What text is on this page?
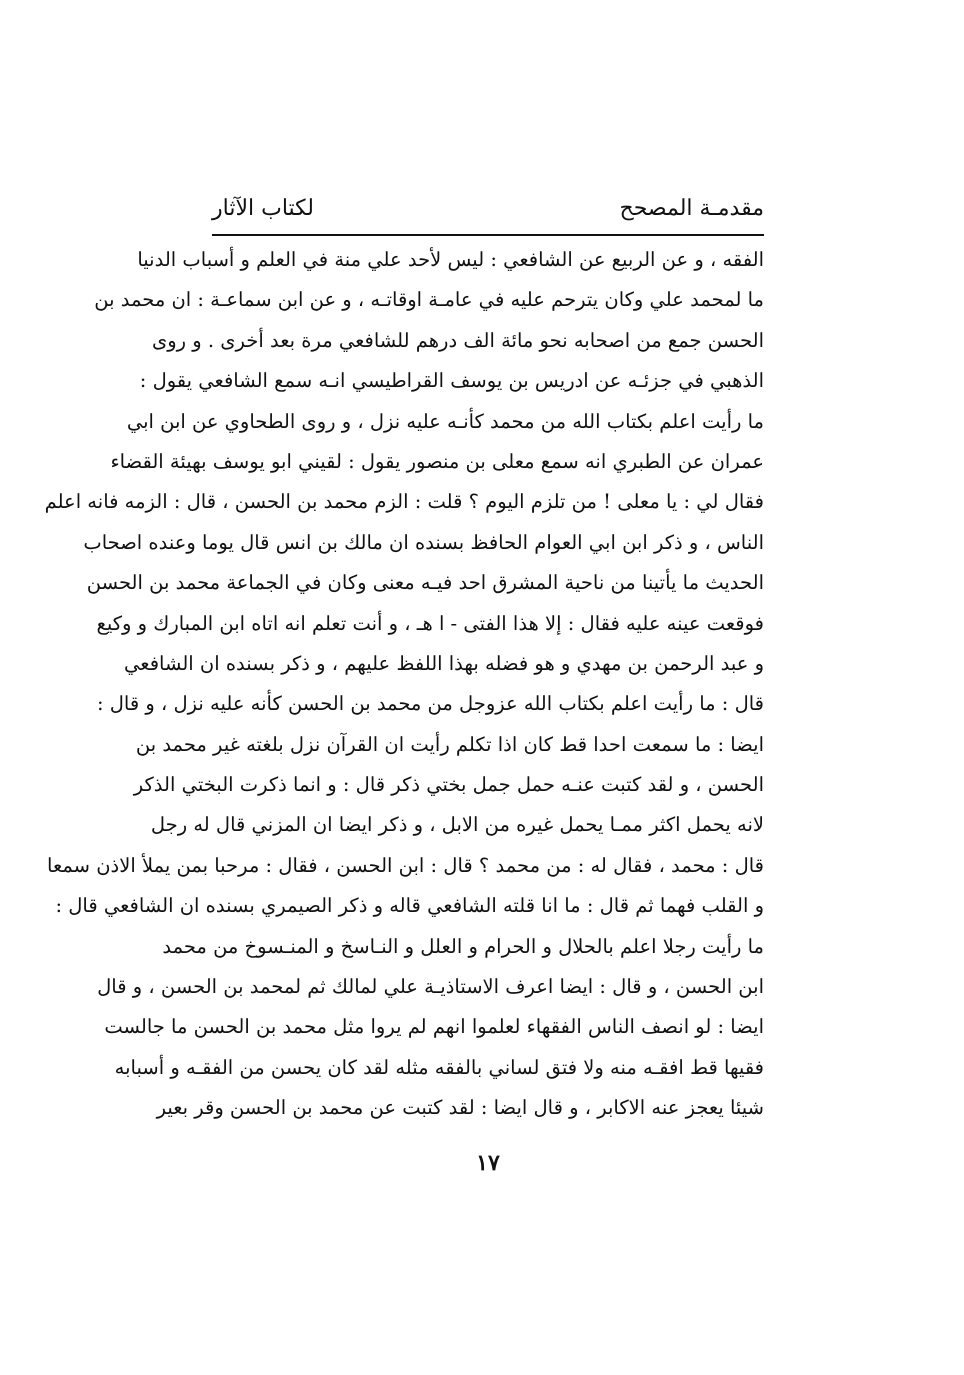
مقدمـة المصحح
لكتاب الآثار
الفقه ، و عن الربيع عن الشافعي : ليس لأحد علي منة في العلم و أسباب الدنيا
ما لمحمد علي وكان يترحم عليه في عامـة اوقاتـه ، و عن ابن سماعـة : ان محمد بن
الحسن جمع من اصحابه نحو مائة الف درهم للشافعي مرة بعد أخرى . و روى
الذهبي في جزئـه عن ادريس بن يوسف القراطيسي انـه سمع الشافعي يقول :
ما رأيت اعلم بكتاب الله من محمد كأنـه عليه نزل ، و روى الطحاوي عن ابن ابي
عمران عن الطبري انه سمع معلى بن منصور يقول : لقيني ابو يوسف بهيئة القضاء
فقال لي : يا معلى ! من تلزم اليوم ؟ قلت : الزم محمد بن الحسن ، قال : الزمه فانه اعلم
الناس ، و ذكر ابن ابي العوام الحافظ بسنده ان مالك بن انس قال يوما وعنده اصحاب
الحديث ما يأتينا من ناحية المشرق احد فيـه معنى وكان في الجماعة محمد بن الحسن
فوقعت عينه عليه فقال : إلا هذا الفتى - ا هـ ، و أنت تعلم انه اتاه ابن المبارك و وكيع
و عبد الرحمن بن مهدي و هو فضله بهذا اللفظ عليهم ، و ذكر بسنده ان الشافعي
قال : ما رأيت اعلم بكتاب الله عزوجل من محمد بن الحسن كأنه عليه نزل ، و قال :
ايضا : ما سمعت احدا قط كان اذا تكلم رأيت ان القرآن نزل بلغته غير محمد بن
الحسن ، و لقد كتبت عنـه حمل جمل بختي ذكر قال : و انما ذكرت البختي الذكر
لانه يحمل اكثر ممـا يحمل غيره من الابل ، و ذكر ايضا ان المزني قال له رجل
قال : محمد ، فقال له : من محمد ؟ قال : ابن الحسن ، فقال : مرحبا بمن يملأ الاذن سمعا
و القلب فهما ثم قال : ما انا قلته الشافعي قاله و ذكر الصيمري بسنده ان الشافعي قال :
ما رأيت رجلا اعلم بالحلال و الحرام و العلل و النـاسخ و المنـسوخ من محمد
ابن الحسن ، و قال : ايضا اعرف الاستاذيـة علي لمالك ثم لمحمد بن الحسن ، و قال
ايضا : لو انصف الناس الفقهاء لعلموا انهم لم يروا مثل محمد بن الحسن ما جالست
فقيها قط افقـه منه ولا فتق لساني بالفقه مثله لقد كان يحسن من الفقـه و أسبابه
شيئا يعجز عنه الاكابر ، و قال ايضا : لقد كتبت عن محمد بن الحسن وقر بعير
١٧
